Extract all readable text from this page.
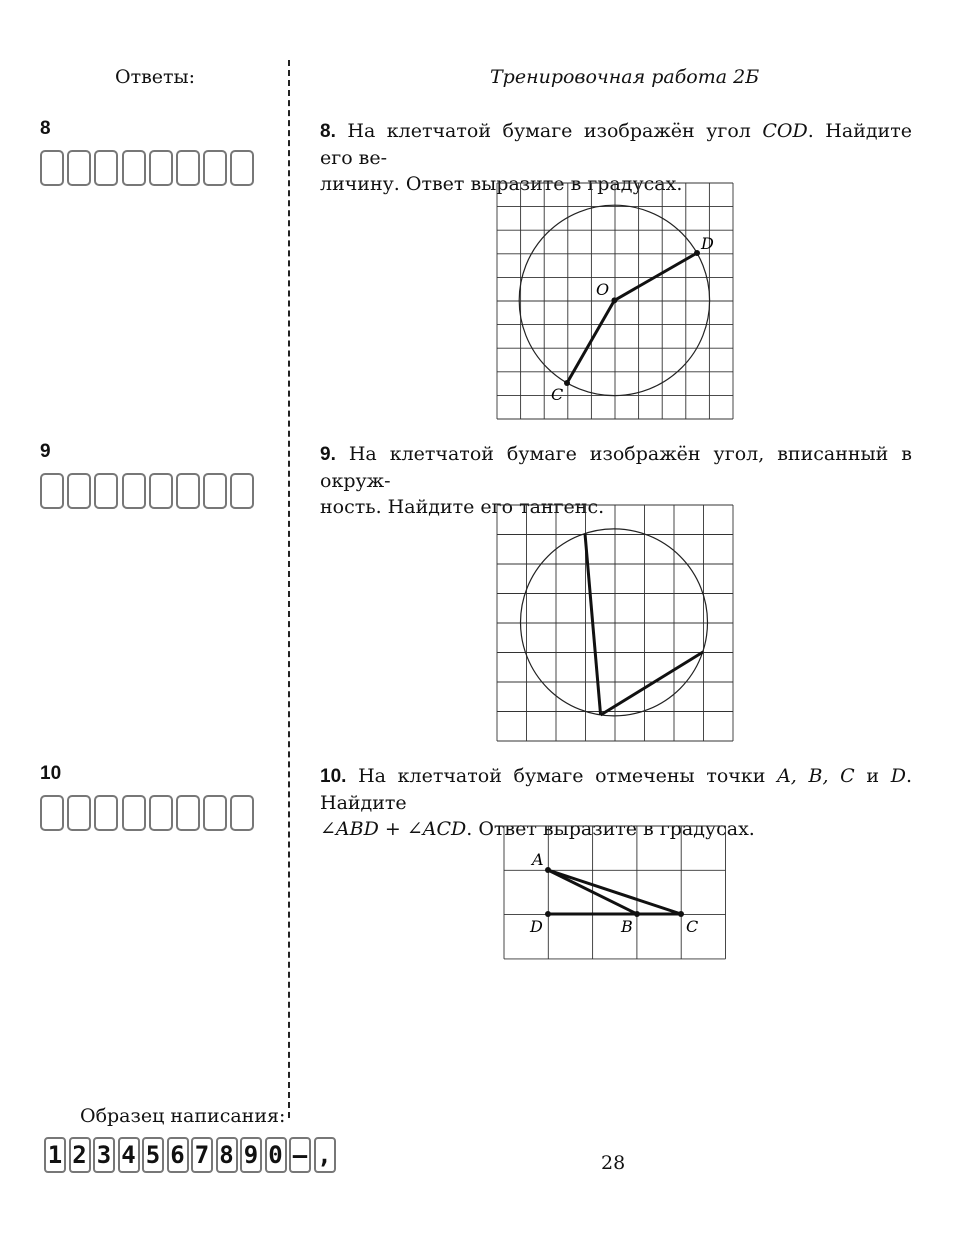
Ответы:	Тренировочная работа 2Б
8	8. На клетчатой бумаге изображён угол COD. Найдите его ве-
личину. Ответ выразите в градусах.
O
D
C
9	9. На клетчатой бумаге изображён угол, вписанный в окруж-
ность. Найдите его тангенс.
10	10. На клетчатой бумаге отмечены точки A, B, C и D. Найдите
∠ABD + ∠ACD. Ответ выразите в градусах.
A
D	B	C
Образец написания:
1 2 3 4 5 6 7 8 9 0 – ,	28
